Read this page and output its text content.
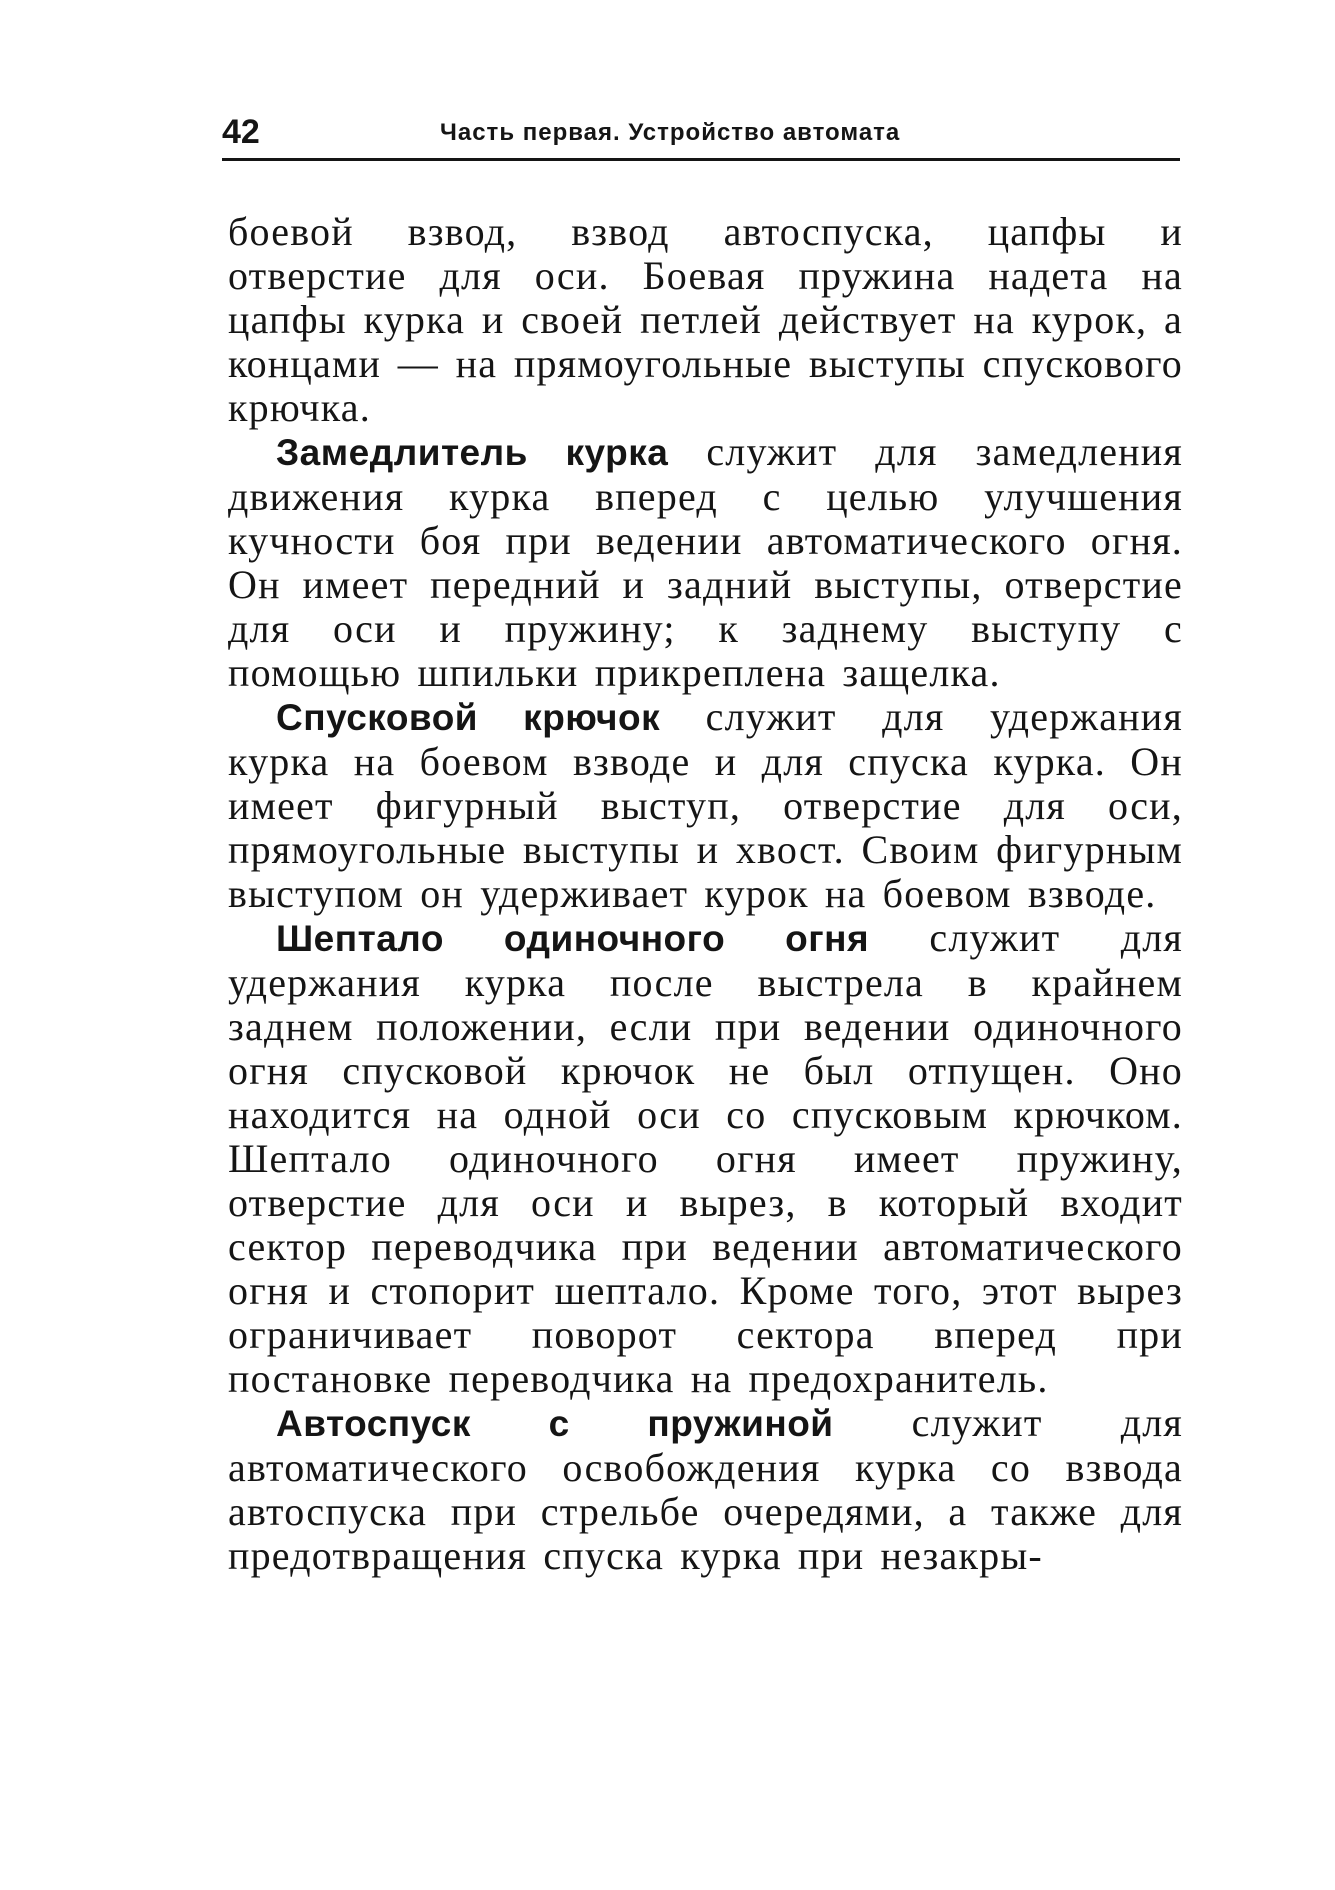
42	Часть первая. Устройство автомата

боевой взвод, взвод автоспуска, цапфы и отверстие для оси. Боевая пружина надета на цапфы курка и своей петлей действует на курок, а концами — на прямоугольные выступы спускового крючка.

Замедлитель курка служит для замедления движения курка вперед с целью улучшения кучности боя при ведении автоматического огня. Он имеет передний и задний выступы, отверстие для оси и пружину; к заднему выступу с помощью шпильки прикреплена защелка.

Спусковой крючок служит для удержания курка на боевом взводе и для спуска курка. Он имеет фигурный выступ, отверстие для оси, прямоугольные выступы и хвост. Своим фигурным выступом он удерживает курок на боевом взводе.

Шептало одиночного огня служит для удержания курка после выстрела в крайнем заднем положении, если при ведении одиночного огня спусковой крючок не был отпущен. Оно находится на одной оси со спусковым крючком. Шептало одиночного огня имеет пружину, отверстие для оси и вырез, в который входит сектор переводчика при ведении автоматического огня и стопорит шептало. Кроме того, этот вырез ограничивает поворот сектора вперед при постановке переводчика на предохранитель.

Автоспуск с пружиной служит для автоматического освобождения курка со взвода автоспуска при стрельбе очередями, а также для предотвращения спуска курка при незакры-
